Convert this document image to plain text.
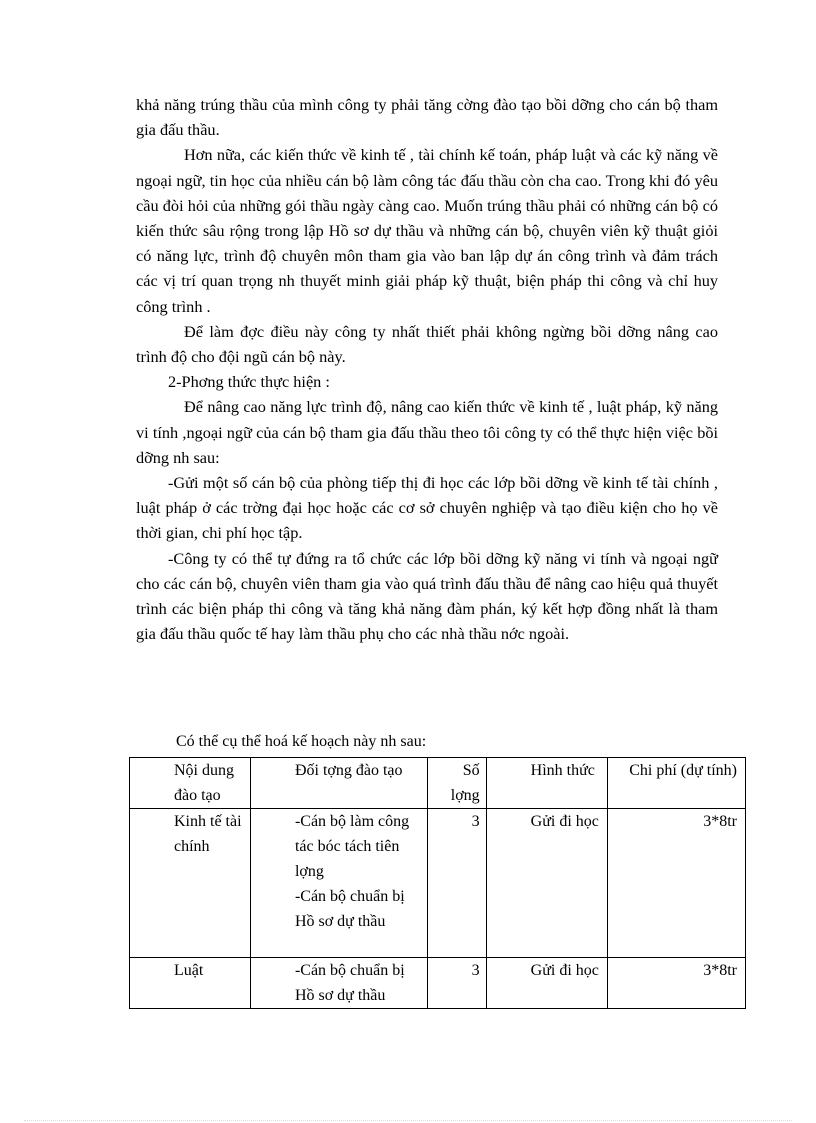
khả năng trúng thầu của mình công ty phải tăng cờng đào tạo bồi dỡng cho cán bộ tham gia đấu thầu.

Hơn nữa, các kiến thức về kinh tế , tài chính kế toán, pháp luật và các kỹ năng về ngoại ngữ, tin học của nhiều cán bộ làm công tác đấu thầu còn cha cao. Trong khi đó yêu cầu đòi hỏi của những gói thầu ngày càng cao. Muốn trúng thầu phải có những cán bộ có kiến thức sâu rộng trong lập Hồ sơ dự thầu và những cán bộ, chuyên viên kỹ thuật giỏi có năng lực, trình độ chuyên môn tham gia vào ban lập dự án công trình và đảm trách các vị trí quan trọng nh thuyết minh giải pháp kỹ thuật, biện pháp thi công và chỉ huy công trình .

Để làm đợc điều này công ty nhất thiết phải không ngừng bồi dỡng nâng cao trình độ cho đội ngũ cán bộ này.

2-Phơng thức thực hiện :

Để nâng cao năng lực trình độ, nâng cao kiến thức về kinh tế , luật pháp, kỹ năng vi tính ,ngoại ngữ của cán bộ tham gia đấu thầu theo tôi công ty có thể thực hiện việc bồi dỡng nh sau:

-Gửi một số cán bộ của phòng tiếp thị đi học các lớp bồi dỡng về kinh tế tài chính , luật pháp ở các trờng đại học hoặc các cơ sở chuyên nghiệp và tạo điều kiện cho họ về thời gian, chi phí học tập.

-Công ty có thể tự đứng ra tổ chức các lớp bồi dỡng kỹ năng vi tính và ngoại ngữ cho các cán bộ, chuyên viên tham gia vào quá trình đấu thầu để nâng cao hiệu quả thuyết trình các biện pháp thi công và tăng khả năng đàm phán, ký kết hợp đồng nhất là tham gia đấu thầu quốc tế hay làm thầu phụ cho các nhà thầu nớc ngoài.

Có thể cụ thể hoá kế hoạch này nh sau:

Nội dung đào tạo	Đối tợng đào tạo	Số lợng	Hình thức	Chi phí (dự tính)

Kinh tế tài chính	-Cán bộ làm công tác bóc tách tiên lợng
-Cán bộ chuẩn bị Hồ sơ dự thầu	3	Gửi đi học	3*8tr

Luật	-Cán bộ chuẩn bị Hồ sơ dự thầu	3	Gửi đi học	3*8tr
